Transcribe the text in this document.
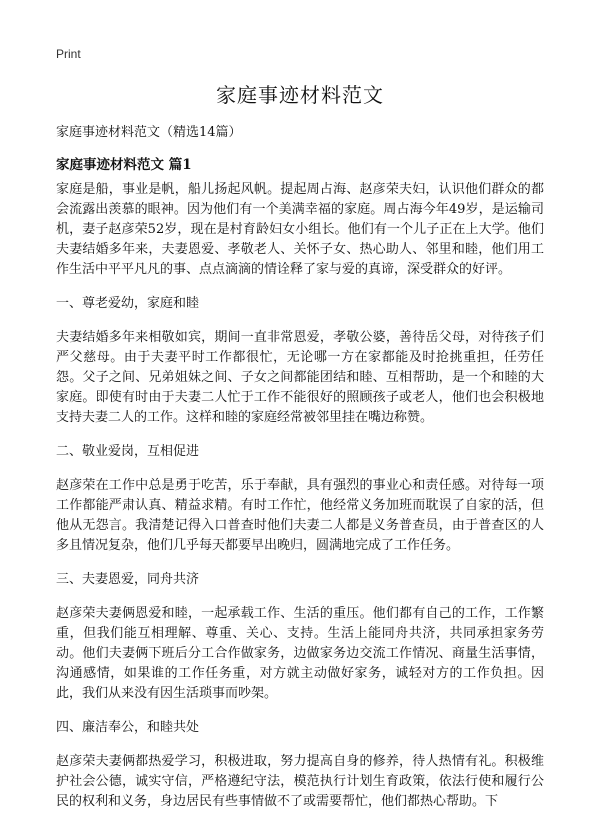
Print
家庭事迹材料范文
家庭事迹材料范文（精选14篇）
家庭事迹材料范文 篇1

家庭是船，事业是帆，船儿扬起风帆。提起周占海、赵彦荣夫妇，认识他们群众的都会流露出羡慕的眼神。因为他们有一个美满幸福的家庭。周占海今年49岁，是运输司机，妻子赵彦荣52岁，现在是村育龄妇女小组长。他们有一个儿子正在上大学。他们夫妻结婚多年来，夫妻恩爱、孝敬老人、关怀子女、热心助人、邻里和睦，他们用工作生活中平平凡凡的事、点点滴滴的情诠释了家与爱的真谛，深受群众的好评。

一、尊老爱幼，家庭和睦

夫妻结婚多年来相敬如宾，期间一直非常恩爱，孝敬公婆，善待岳父母，对待孩子们严父慈母。由于夫妻平时工作都很忙，无论哪一方在家都能及时抢挑重担，任劳任怨。父子之间、兄弟姐妹之间、子女之间都能团结和睦、互相帮助，是一个和睦的大家庭。即使有时由于夫妻二人忙于工作不能很好的照顾孩子或老人，他们也会积极地支持夫妻二人的工作。这样和睦的家庭经常被邻里挂在嘴边称赞。

二、敬业爱岗，互相促进

赵彦荣在工作中总是勇于吃苦，乐于奉献，具有强烈的事业心和责任感。对待每一项工作都能严肃认真、精益求精。有时工作忙，他经常义务加班而耽误了自家的活，但他从无怨言。我清楚记得入口普查时他们夫妻二人都是义务普查员，由于普查区的人多且情况复杂，他们几乎每天都要早出晚归，圆满地完成了工作任务。

三、夫妻恩爱，同舟共济

赵彦荣夫妻俩恩爱和睦，一起承载工作、生活的重压。他们都有自己的工作，工作繁重，但我们能互相理解、尊重、关心、支持。生活上能同舟共济，共同承担家务劳动。他们夫妻俩下班后分工合作做家务，边做家务边交流工作情况、商量生活事情，沟通感情，如果谁的工作任务重，对方就主动做好家务，诚轻对方的工作负担。因此，我们从来没有因生活琐事而吵架。

四、廉洁奉公，和睦共处

赵彦荣夫妻俩都热爱学习，积极进取，努力提高自身的修养，待人热情有礼。积极维护社会公德，诚实守信，严格遵纪守法，模范执行计划生育政策，依法行使和履行公民的权利和义务，身边居民有些事情做不了或需要帮忙，他们都热心帮助。下
